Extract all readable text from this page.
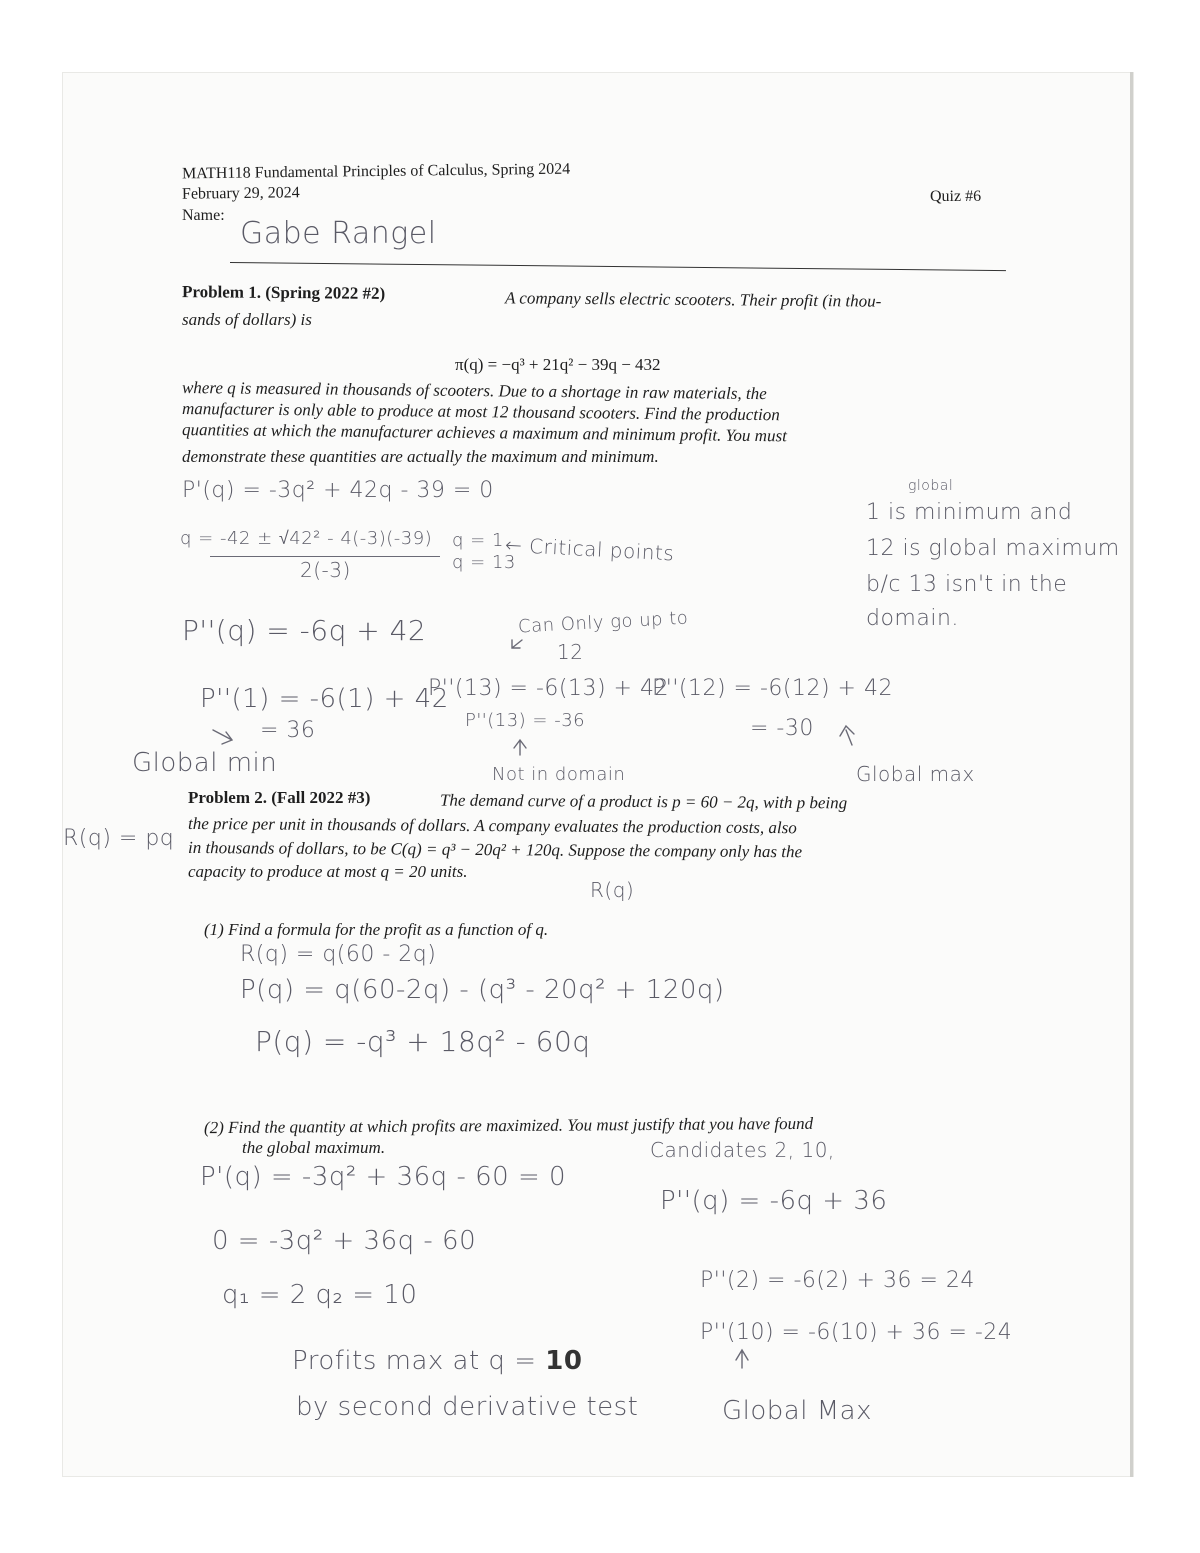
MATH118 Fundamental Principles of Calculus, Spring 2024
February 29, 2024	Quiz #6
Name:
Gabe Rangel
Problem 1. (Spring 2022 #2)	A company sells electric scooters. Their profit (in thou-
sands of dollars) is
π(q) = −q³ + 21q² − 39q − 432
where q is measured in thousands of scooters. Due to a shortage in raw materials, the
manufacturer is only able to produce at most 12 thousand scooters. Find the production
quantities at which the manufacturer achieves a maximum and minimum profit. You must
demonstrate these quantities are actually the maximum and minimum.
P'(q) = -3q² + 42q - 39 = 0
q = -42 ± √42² - 4(-3)(-39)
2(-3)
q = 1
q = 13
← Critical points
P''(q) = -6q + 42	Can Only go up to
12
P''(1) = -6(1) + 42
= 36
Global min
P''(13) = -6(13) + 42
P''(13) = -36
Not in domain
P''(12) = -6(12) + 42
= -30
Global max
global
1 is minimum and
12 is global maximum
b/c 13 isn't in the
domain.
Problem 2. (Fall 2022 #3)	The demand curve of a product is p = 60 − 2q, with p being
the price per unit in thousands of dollars. A company evaluates the production costs, also
in thousands of dollars, to be C(q) = q³ − 20q² + 120q. Suppose the company only has the
capacity to produce at most q = 20 units.
R(q) = pq
R(q)
(1) Find a formula for the profit as a function of q.
R(q) = q(60 - 2q)
P(q) = q(60-2q) - (q³ - 20q² + 120q)
P(q) = -q³ + 18q² - 60q
(2) Find the quantity at which profits are maximized. You must justify that you have found
the global maximum.
P'(q) = -3q² + 36q - 60 = 0
0 = -3q² + 36q - 60
q₁ = 2 q₂ = 10
Candidates 2, 10,
P''(q) = -6q + 36
P''(2) = -6(2) + 36 = 24
P''(10) = -6(10) + 36 = -24
Global Max
Profits max at q = 10
by second derivative test
